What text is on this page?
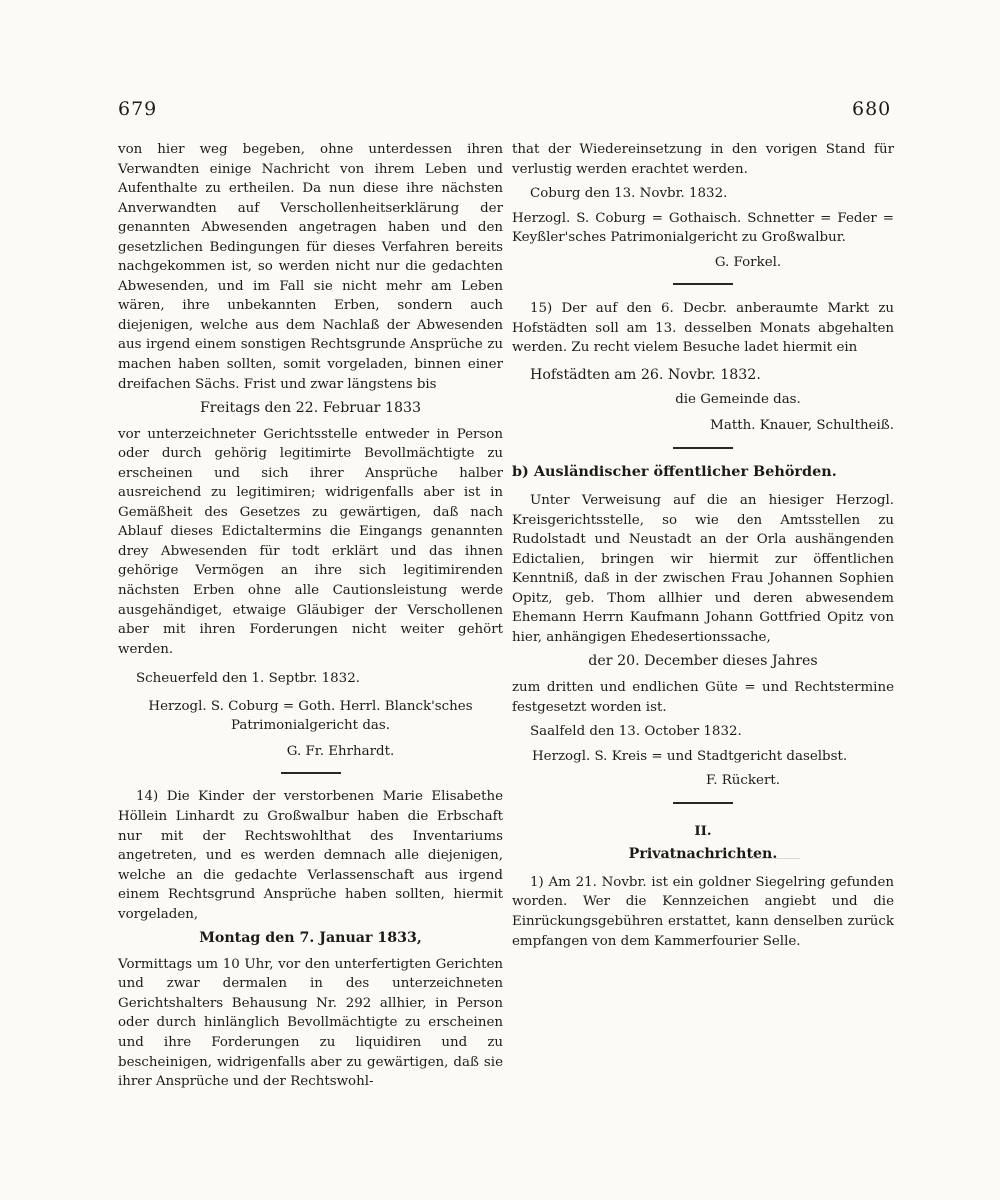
679	680

von hier weg begeben, ohne unterdessen ihren Verwandten einige Nachricht von ihrem Leben und Aufenthalte zu ertheilen. Da nun diese ihre nächsten Anverwandten auf Verschollenheitserklärung der genannten Abwesenden angetragen haben und den gesetzlichen Bedingungen für dieses Verfahren bereits nachgekommen ist, so werden nicht nur die gedachten Abwesenden, und im Fall sie nicht mehr am Leben wären, ihre unbekannten Erben, sondern auch diejenigen, welche aus dem Nachlaß der Abwesenden aus irgend einem sonstigen Rechtsgrunde Ansprüche zu machen haben sollten, somit vorgeladen, binnen einer dreifachen Sächs. Frist und zwar längstens bis

Freitags den 22. Februar 1833

vor unterzeichneter Gerichtsstelle entweder in Person oder durch gehörig legitimirte Bevollmächtigte zu erscheinen und sich ihrer Ansprüche halber ausreichend zu legitimiren; widrigenfalls aber ist in Gemäßheit des Gesetzes zu gewärtigen, daß nach Ablauf dieses Edictaltermins die Eingangs genannten drey Abwesenden für todt erklärt und das ihnen gehörige Vermögen an ihre sich legitimirenden nächsten Erben ohne alle Cautionsleistung werde ausgehändiget, etwaige Gläubiger der Verschollenen aber mit ihren Forderungen nicht weiter gehört werden.

Scheuerfeld den 1. Septbr. 1832.

Herzogl. S. Coburg = Goth. Herrl. Blanck'sches Patrimonialgericht das.

G. Fr. Ehrhardt.

14) Die Kinder der verstorbenen Marie Elisabethe Höllein Linhardt zu Großwalbur haben die Erbschaft nur mit der Rechtswohlthat des Inventariums angetreten, und es werden demnach alle diejenigen, welche an die gedachte Verlassenschaft aus irgend einem Rechtsgrund Ansprüche haben sollten, hiermit vorgeladen,

Montag den 7. Januar 1833,

Vormittags um 10 Uhr, vor den unterfertigten Gerichten und zwar dermalen in des unterzeichneten Gerichtshalters Behausung Nr. 292 allhier, in Person oder durch hinlänglich Bevollmächtigte zu erscheinen und ihre Forderungen zu liquidiren und zu bescheinigen, widrigenfalls aber zu gewärtigen, daß sie ihrer Ansprüche und der Rechtswohl-

that der Wiedereinsetzung in den vorigen Stand für verlustig werden erachtet werden.

Coburg den 13. Novbr. 1832.

Herzogl. S. Coburg = Gothaisch. Schnetter = Feder = Keyßler'sches Patrimonialgericht zu Großwalbur.

G. Forkel.

15) Der auf den 6. Decbr. anberaumte Markt zu Hofstädten soll am 13. desselben Monats abgehalten werden. Zu recht vielem Besuche ladet hiermit ein

Hofstädten am 26. Novbr. 1832.

die Gemeinde das.

Matth. Knauer, Schultheiß.

b) Ausländischer öffentlicher Behörden.

Unter Verweisung auf die an hiesiger Herzogl. Kreisgerichtsstelle, so wie den Amtsstellen zu Rudolstadt und Neustadt an der Orla aushängenden Edictalien, bringen wir hiermit zur öffentlichen Kenntniß, daß in der zwischen Frau Johannen Sophien Opitz, geb. Thom allhier und deren abwesendem Ehemann Herrn Kaufmann Johann Gottfried Opitz von hier, anhängigen Ehedesertionssache,

der 20. December dieses Jahres

zum dritten und endlichen Güte = und Rechtstermine festgesetzt worden ist.

Saalfeld den 13. October 1832.

Herzogl. S. Kreis = und Stadtgericht daselbst.

F. Rückert.

II.

Privatnachrichten.

1) Am 21. Novbr. ist ein goldner Siegelring gefunden worden. Wer die Kennzeichen angiebt und die Einrückungsgebühren erstattet, kann denselben zurück empfangen von dem Kammerfourier Selle.
